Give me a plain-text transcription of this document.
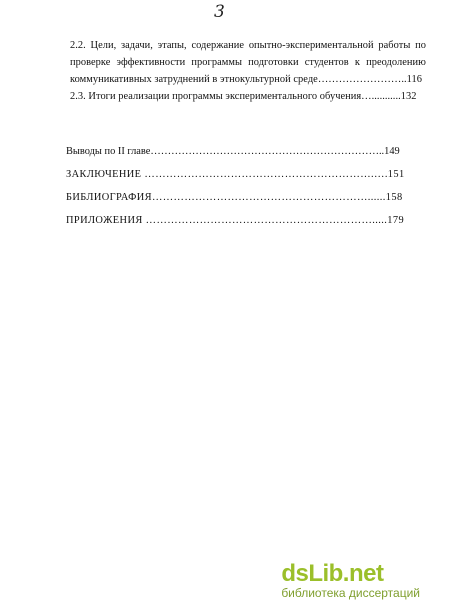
3
2.2. Цели, задачи, этапы, содержание опытно-экспериментальной работы по
проверке эффективности программы подготовки студентов к преодолению
коммуникативных затруднений в этнокультурной среде……………………..116
2.3. Итоги реализации программы экспериментального обучения…...........132
Выводы по II главе…………………………………………………………..149
ЗАКЛЮЧЕНИЕ ……………………………………………………….….151
БИБЛИОГРАФИЯ……………………………………………………......158
ПРИЛОЖЕНИЯ ……………………………………………………….....179
dsLib.net
библиотека диссертаций
